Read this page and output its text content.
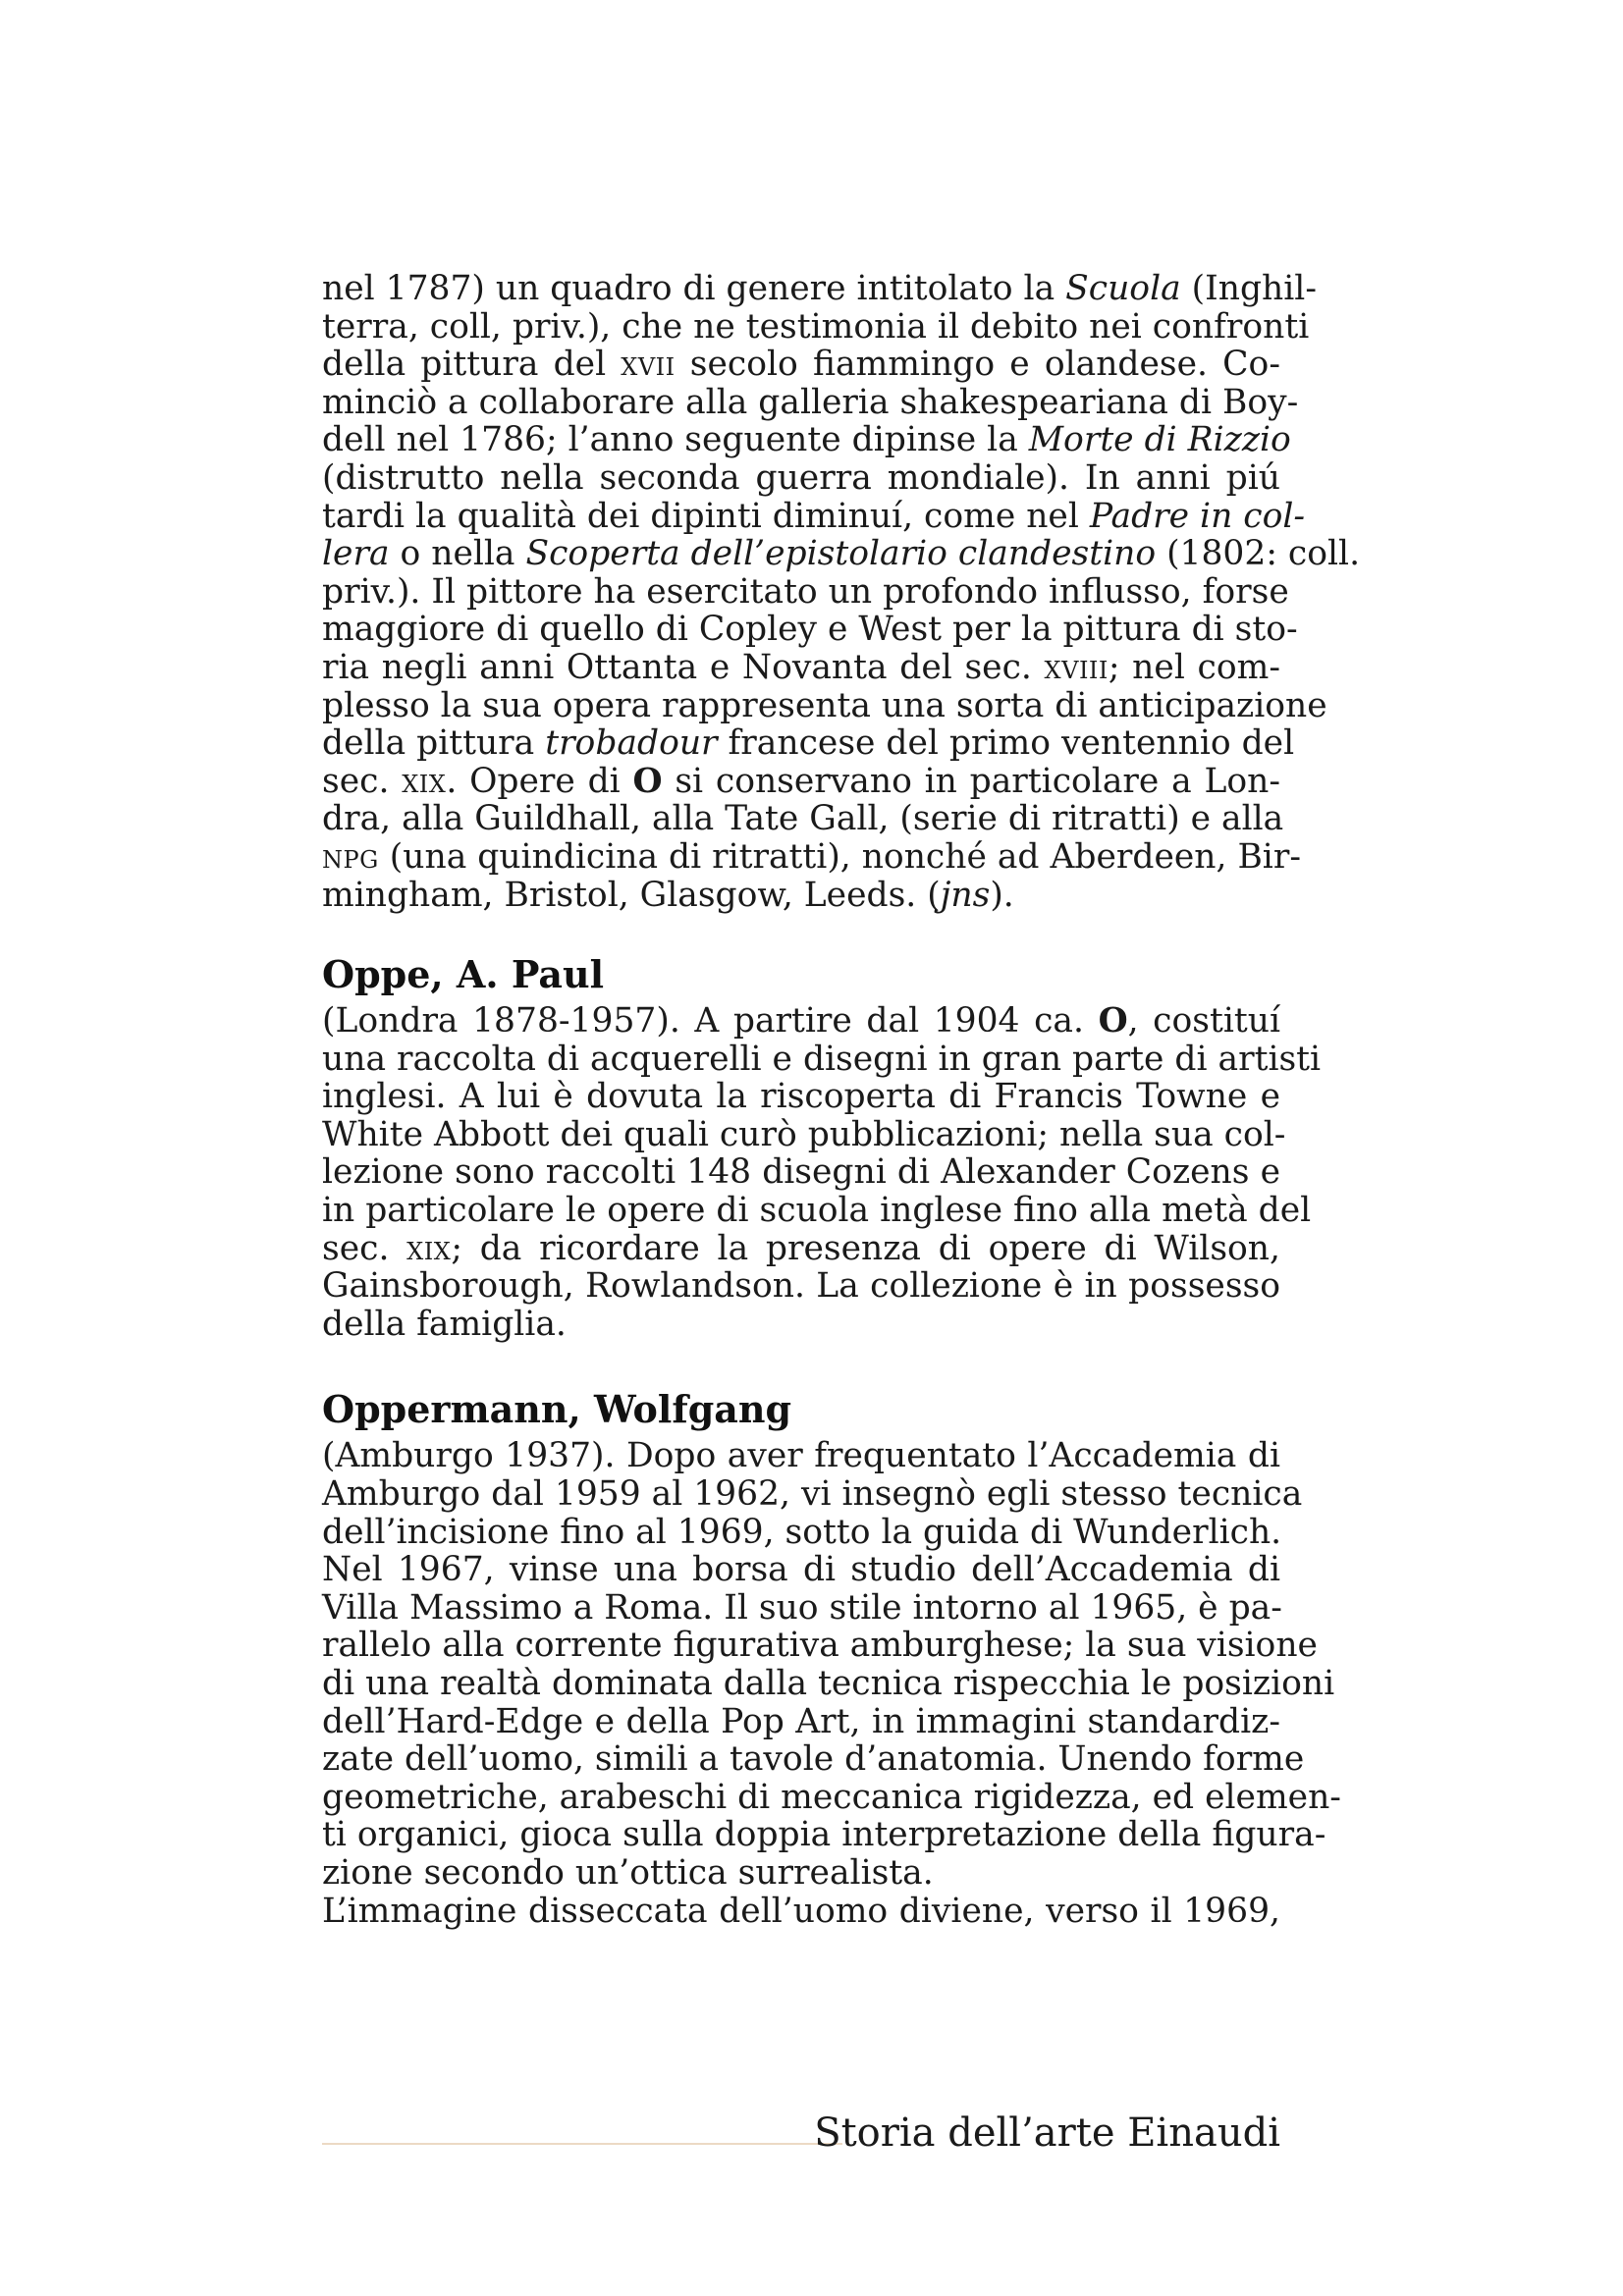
nel 1787) un quadro di genere intitolato la Scuola (Inghil-
terra, coll, priv.), che ne testimonia il debito nei confronti
della pittura del xvii secolo fiammingo e olandese. Co-
minciò a collaborare alla galleria shakespeariana di Boy-
dell nel 1786; l’anno seguente dipinse la Morte di Rizzio
(distrutto nella seconda guerra mondiale). In anni piú
tardi la qualità dei dipinti diminuí, come nel Padre in col-
lera o nella Scoperta dell’epistolario clandestino (1802: coll.
priv.). Il pittore ha esercitato un profondo influsso, forse
maggiore di quello di Copley e West per la pittura di sto-
ria negli anni Ottanta e Novanta del sec. xviii; nel com-
plesso la sua opera rappresenta una sorta di anticipazione
della pittura trobadour francese del primo ventennio del
sec. xix. Opere di O si conservano in particolare a Lon-
dra, alla Guildhall, alla Tate Gall, (serie di ritratti) e alla
npg (una quindicina di ritratti), nonché ad Aberdeen, Bir-
mingham, Bristol, Glasgow, Leeds. (jns).
Oppe, A. Paul
(Londra 1878-1957). A partire dal 1904 ca. O, costituí
una raccolta di acquerelli e disegni in gran parte di artisti
inglesi. A lui è dovuta la riscoperta di Francis Towne e
White Abbott dei quali curò pubblicazioni; nella sua col-
lezione sono raccolti 148 disegni di Alexander Cozens e
in particolare le opere di scuola inglese fino alla metà del
sec. xix; da ricordare la presenza di opere di Wilson,
Gainsborough, Rowlandson. La collezione è in possesso
della famiglia.
Oppermann, Wolfgang
(Amburgo 1937). Dopo aver frequentato l’Accademia di
Amburgo dal 1959 al 1962, vi insegnò egli stesso tecnica
dell’incisione fino al 1969, sotto la guida di Wunderlich.
Nel 1967, vinse una borsa di studio dell’Accademia di
Villa Massimo a Roma. Il suo stile intorno al 1965, è pa-
rallelo alla corrente figurativa amburghese; la sua visione
di una realtà dominata dalla tecnica rispecchia le posizioni
dell’Hard-Edge e della Pop Art, in immagini standardiz-
zate dell’uomo, simili a tavole d’anatomia. Unendo forme
geometriche, arabeschi di meccanica rigidezza, ed elemen-
ti organici, gioca sulla doppia interpretazione della figura-
zione secondo un’ottica surrealista.
L’immagine disseccata dell’uomo diviene, verso il 1969,
Storia dell’arte Einaudi
